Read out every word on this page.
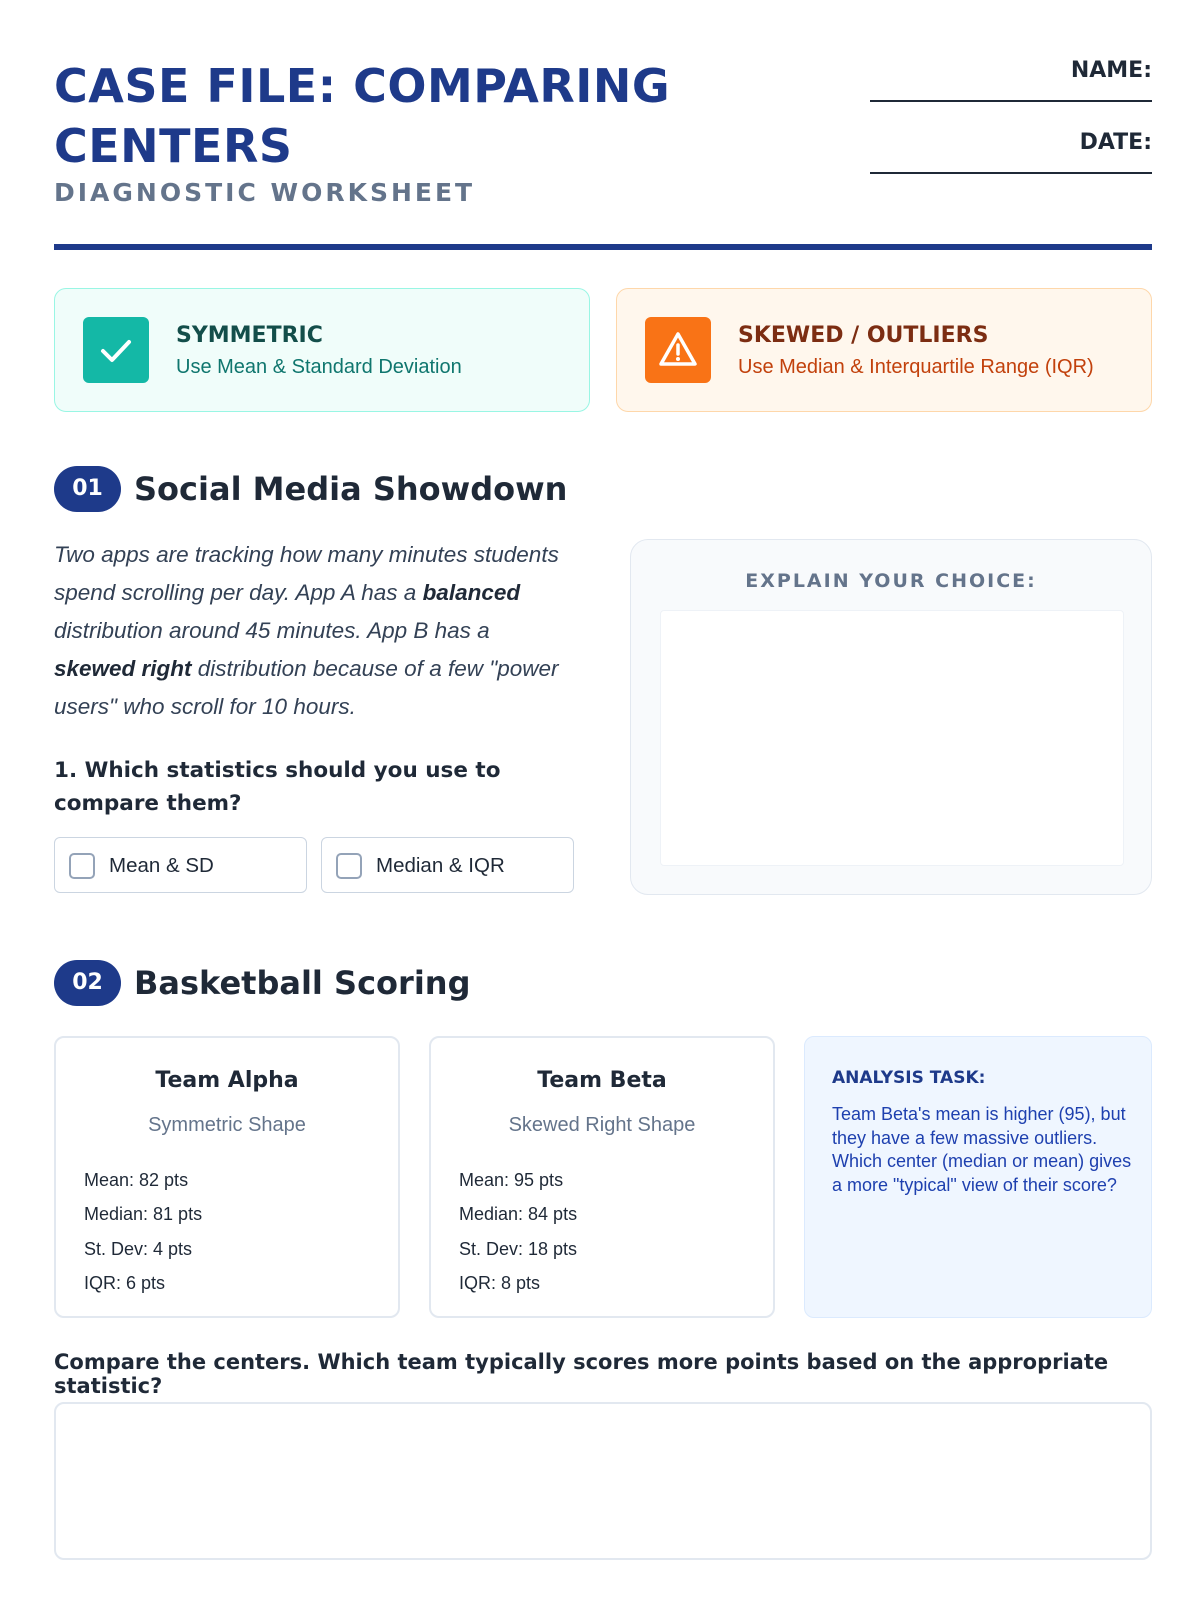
CASE FILE: COMPARING CENTERS
DIAGNOSTIC WORKSHEET
NAME:
DATE:
SYMMETRIC
Use Mean & Standard Deviation
SKEWED / OUTLIERS
Use Median & Interquartile Range (IQR)
01 Social Media Showdown
Two apps are tracking how many minutes students spend scrolling per day. App A has a balanced distribution around 45 minutes. App B has a skewed right distribution because of a few "power users" who scroll for 10 hours.
1. Which statistics should you use to compare them?
Mean & SD	Median & IQR
EXPLAIN YOUR CHOICE:
02 Basketball Scoring
Team Alpha
Symmetric Shape
Mean: 82 pts
Median: 81 pts
St. Dev: 4 pts
IQR: 6 pts
Team Beta
Skewed Right Shape
Mean: 95 pts
Median: 84 pts
St. Dev: 18 pts
IQR: 8 pts
ANALYSIS TASK:
Team Beta's mean is higher (95), but they have a few massive outliers. Which center (median or mean) gives a more "typical" view of their score?
Compare the centers. Which team typically scores more points based on the appropriate statistic?
